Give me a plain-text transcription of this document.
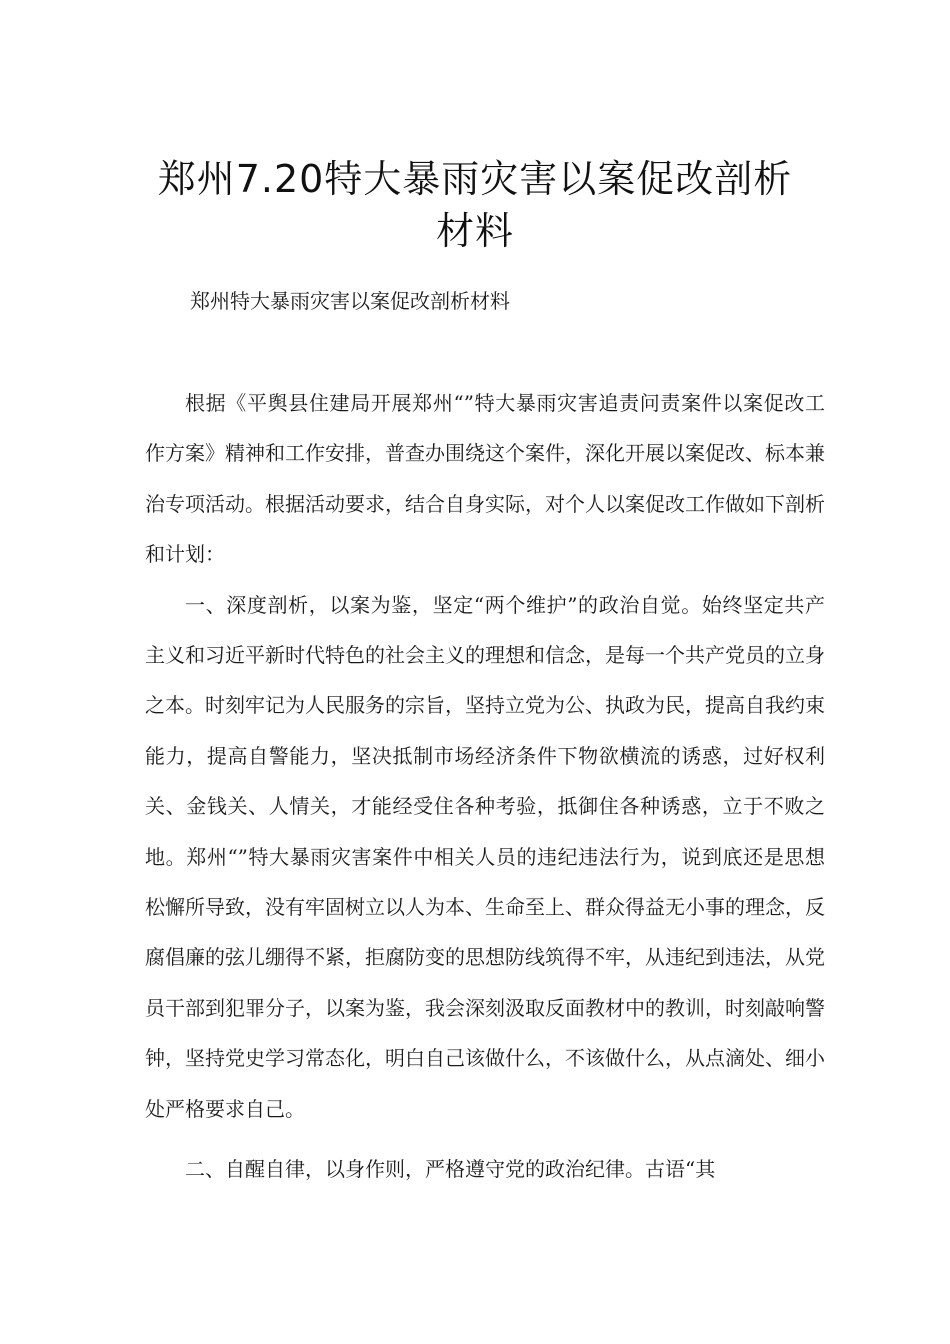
郑州7.20特大暴雨灾害以案促改剖析
材料
郑州特大暴雨灾害以案促改剖析材料

根据《平舆县住建局开展郑州“”特大暴雨灾害追责问责案件以案促改工作方案》精神和工作安排，普查办围绕这个案件，深化开展以案促改、标本兼治专项活动。根据活动要求，结合自身实际，对个人以案促改工作做如下剖析和计划：

一、深度剖析，以案为鉴，坚定“两个维护”的政治自觉。始终坚定共产主义和习近平新时代特色的社会主义的理想和信念，是每一个共产党员的立身之本。时刻牢记为人民服务的宗旨，坚持立党为公、执政为民，提高自我约束能力，提高自警能力，坚决抵制市场经济条件下物欲横流的诱惑，过好权利关、金钱关、人情关，才能经受住各种考验，抵御住各种诱惑，立于不败之地。郑州“”特大暴雨灾害案件中相关人员的违纪违法行为，说到底还是思想松懈所导致，没有牢固树立以人为本、生命至上、群众得益无小事的理念，反腐倡廉的弦儿绷得不紧，拒腐防变的思想防线筑得不牢，从违纪到违法，从党员干部到犯罪分子，以案为鉴，我会深刻汲取反面教材中的教训，时刻敲响警钟，坚持党史学习常态化，明白自己该做什么，不该做什么，从点滴处、细小处严格要求自己。

二、自醒自律，以身作则，严格遵守党的政治纪律。古语“其
